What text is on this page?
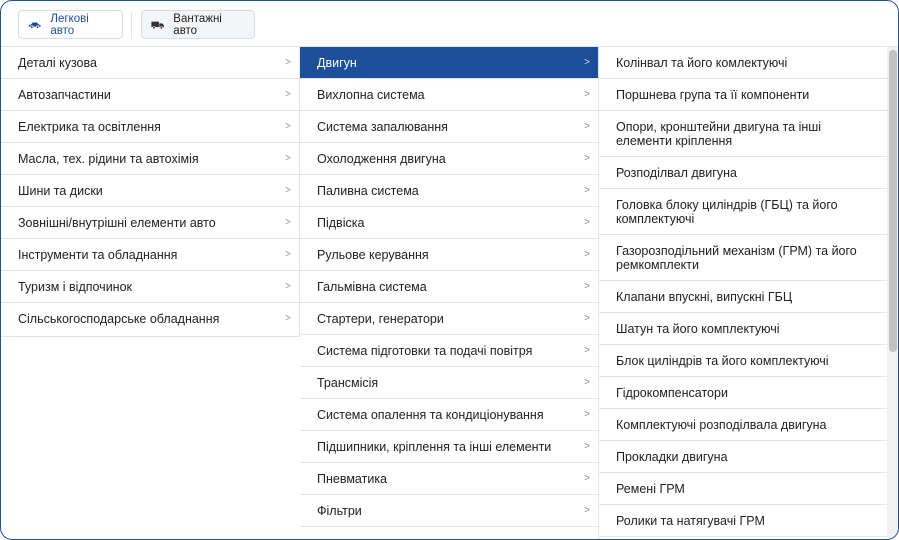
Легкові авто
Вантажні авто
Деталі кузова	>
Автозапчастини	>
Електрика та освітлення	>
Масла, тех. рідини та автохімія	>
Шини та диски	>
Зовнішні/внутрішні елементи авто	>
Інструменти та обладнання	>
Туризм і відпочинок	>
Сільськогосподарське обладнання	>
Двигун	>
Вихлопна система	>
Система запалювання	>
Охолодження двигуна	>
Паливна система	>
Підвіска	>
Рульове керування	>
Гальмівна система	>
Стартери, генератори	>
Система підготовки та подачі повітря	>
Трансмісія	>
Система опалення та кондиціонування	>
Підшипники, кріплення та інші елементи	>
Пневматика	>
Фільтри	>
Колінвал та його комлектуючі
Поршнева група та її компоненти
Опори, кронштейни двигуна та інші елементи кріплення
Розподілвал двигуна
Головка блоку циліндрів (ГБЦ) та його комплектуючі
Газорозподільний механізм (ГРМ) та його ремкомплекти
Клапани впускні, випускні ГБЦ
Шатун та його комплектуючі
Блок циліндрів та його комплектуючі
Гідрокомпенсатори
Комплектуючі розподілвала двигуна
Прокладки двигуна
Ремені ГРМ
Ролики та натягувачі ГРМ
